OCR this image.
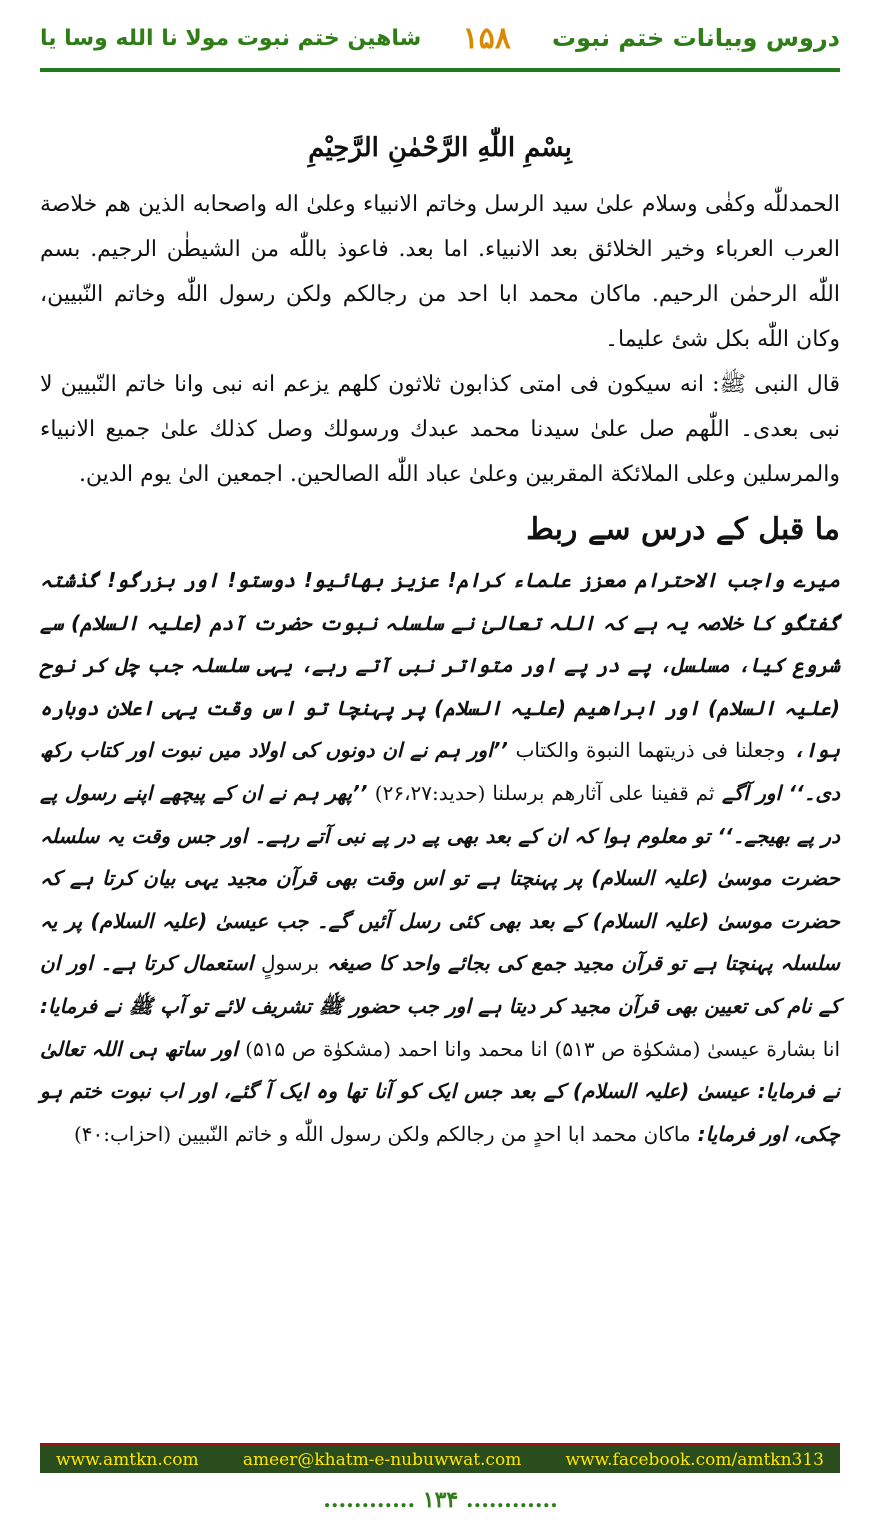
دروس وبیانات ختم نبوت
۱۵۸
شاهین ختم نبوت مولا نا الله وسا یا
بِسْمِ اللّٰهِ الرَّحْمٰنِ الرَّحِيْمِ

الحمدللّٰه وكفٰى وسلام علىٰ سيد الرسل وخاتم الانبياء وعلىٰ اله واصحابه الذين هم خلاصة العرب العرباء وخير الخلائق بعد الانبياء. اما بعد. فاعوذ باللّٰه من الشيطٰن الرجيم. بسم اللّٰه الرحمٰن الرحيم. ماكان محمد ابا احد من رجالكم ولكن رسول اللّٰه وخاتم النّبيين، وكان اللّٰه بكل شئ عليما۔

قال النبی ﷺ: انه سيكون فی امتی كذابون ثلاثون كلهم يزعم انه نبی وانا خاتم النّبيين لا نبی بعدی۔ اللّٰهم صل علىٰ سيدنا محمد عبدك ورسولك وصل كذلك علىٰ جميع الانبياء والمرسلين وعلى الملائكة المقربين وعلىٰ عباد اللّٰه الصالحين. اجمعين الىٰ يوم الدين.

ما قبل کے درس سے ربط

میرے واجب الاحترام معزز علماء کرام! عزیز بھائیو! دوستو! اور بزرگو! گذشتہ گفتگو کا خلاصہ یہ ہے کہ اللہ تعالیٰ نے سلسلہ نبوت حضرت آدم (علیہ السلام) سے شروع کیا، مسلسل، پے در پے اور متواتر نبی آتے رہے، یہی سلسلہ جب چل کر نوح (علیہ السلام) اور ابراھیم (علیہ السلام) پر پہنچا تو اس وقت یہی اعلان دوبارہ ہوا، وجعلنا فی ذریتهما النبوة والکتاب ’’اور ہم نے ان دونوں کی اولاد میں نبوت اور کتاب رکھ دی۔‘‘ اور آگے ثم قفینا علی آثارهم برسلنا (حدید:۲۶،۲۷) ’’پھر ہم نے ان کے پیچھے اپنے رسول پے در پے بھیجے۔‘‘ تو معلوم ہوا کہ ان کے بعد بھی پے در پے نبی آتے رہے۔ اور جس وقت یہ سلسلہ حضرت موسیٰ (علیہ السلام) پر پہنچتا ہے تو اس وقت بھی قرآن مجید یہی بیان کرتا ہے کہ حضرت موسیٰ (علیہ السلام) کے بعد بھی کئی رسل آئیں گے۔ جب عیسیٰ (علیہ السلام) پر یہ سلسلہ پہنچتا ہے تو قرآن مجید جمع کی بجائے واحد کا صیغہ برسولٍ استعمال کرتا ہے۔ اور ان کے نام کی تعیین بھی قرآن مجید کر دیتا ہے اور جب حضور ﷺ تشریف لائے تو آپ ﷺ نے فرمایا: انا بشارة عیسیٰ (مشکوٰة ص ۵۱۳) انا محمد وانا احمد (مشکوٰة ص ۵۱۵) اور ساتھ ہی اللہ تعالیٰ نے فرمایا: عیسیٰ (علیہ السلام) کے بعد جس ایک کو آنا تھا وہ ایک آ گئے، اور اب نبوت ختم ہو چکی، اور فرمایا: ماکان محمد ابا احدٍ من رجالکم ولکن رسول اللّٰه و خاتم النّبیین (احزاب:۴۰)

www.amtkn.com	ameer@khatm-e-nubuwwat.com	www.facebook.com/amtkn313
............ ۱۳۴ ............
